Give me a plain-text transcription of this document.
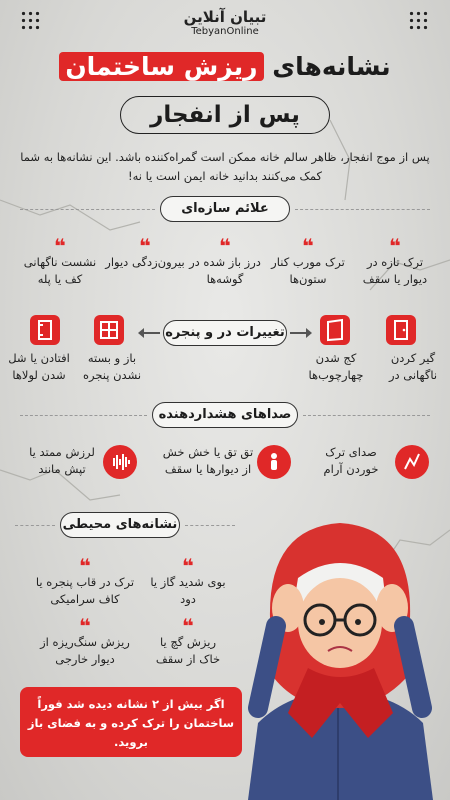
تبیان آنلاین
TebyanOnline
نشانه‌های ریزش ساختمان
پس از انفجار
پس از موج انفجار، ظاهر سالم خانه ممکن است گمراه‌کننده باشد. این نشانه‌ها به شما کمک می‌کنند بدانید خانه ایمن است یا نه!
علائم سازه‌ای
❝
ترک تازه در دیوار یا سقف
❝
ترک مورب کنار ستون‌ها
❝
درز باز شده در گوشه‌ها
❝
بیرون‌زدگی دیوار
❝
نشست ناگهانی کف یا پله
تغییرات در و پنجره
گیر کردن ناگهانی در
کج شدن چهارچوب‌ها
باز و بسته نشدن پنجره
افتادن یا شل شدن لولاها
صداهای هشداردهنده
صدای ترک خوردن آرام
تق تق یا خش خش از دیوارها یا سقف
لرزش ممتد یا تپش مانند
نشانه‌های محیطی
❝
بوی شدید گاز یا دود
❝
ترک در قاب پنجره یا کاف سرامیکی
❝
ریزش گچ یا خاک از سقف
❝
ریزش سنگ‌ریزه از دیوار خارجی
اگر بیش از ۲ نشانه دیده شد فوراً ساختمان را ترک کرده و به فضای باز بروید.
